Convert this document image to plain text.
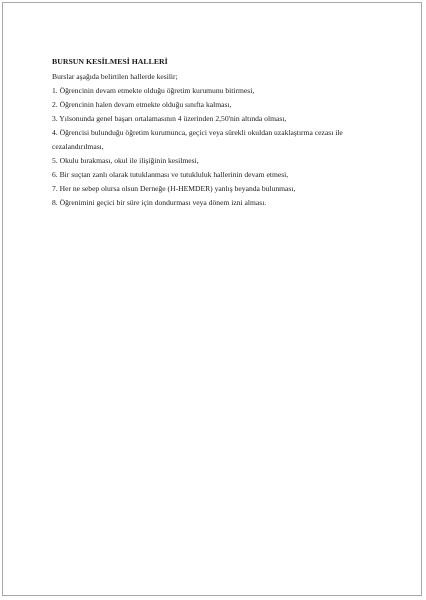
BURSUN KESİLMESİ HALLERİ

Burslar aşağıda belirtilen hallerde kesilir;

1. Öğrencinin devam etmekte olduğu öğretim kurumunu bitirmesi,

2. Öğrencinin halen devam etmekte olduğu sınıfta kalması,

3. Yılsonunda genel başarı ortalamasının 4 üzerinden 2,50'nin altında olması,

4. Öğrencisi bulunduğu öğretim kurumunca, geçici veya sürekli okuldan uzaklaştırma cezası ile cezalandırılması,

5. Okulu bırakması, okul ile ilişiğinin kesilmesi,

6. Bir suçtan zanlı olarak tutuklanması ve tutukluluk hallerinin devam etmesi,

7. Her ne sebep olursa olsun Derneğe (H-HEMDER) yanlış beyanda bulunması,

8. Öğrenimini geçici bir süre için dondurması veya dönem izni alması.
